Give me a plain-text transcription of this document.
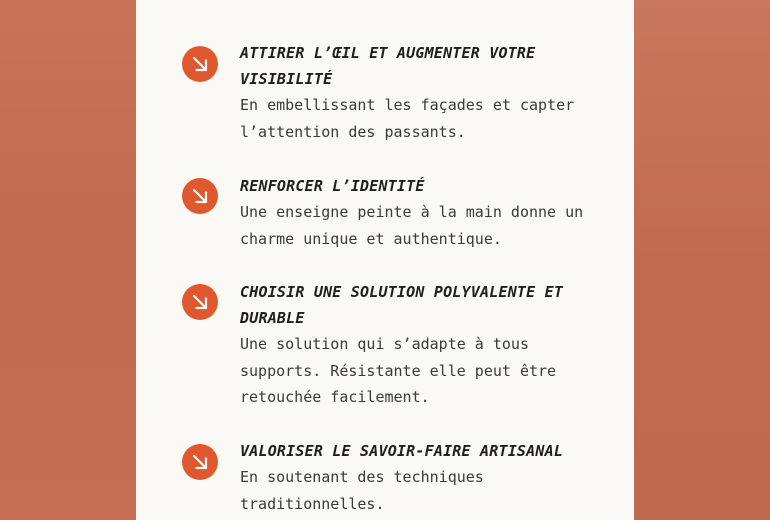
ATTIRER L’ŒIL ET AUGMENTER VOTRE VISIBILITÉ

En embellissant les façades et capter l’attention des passants.

RENFORCER L’IDENTITÉ

Une enseigne peinte à la main donne un charme unique et authentique.

CHOISIR UNE SOLUTION POLYVALENTE ET DURABLE

Une solution qui s’adapte à tous supports. Résistante elle peut être retouchée facilement.

VALORISER LE SAVOIR-FAIRE ARTISANAL

En soutenant des techniques traditionnelles.
